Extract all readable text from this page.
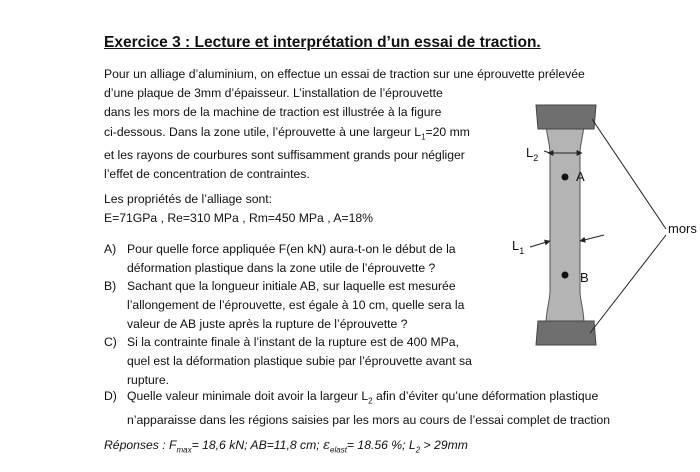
Exercice 3 : Lecture et interprétation d’un essai de traction.
Pour un alliage d’aluminium, on effectue un essai de traction sur une éprouvette prélevée
d’une plaque de 3mm d’épaisseur. L’installation de l’éprouvette
dans les mors de la machine de traction est illustrée à la figure
ci-dessous. Dans la zone utile, l’éprouvette à une largeur $L_1=20$ mm
et les rayons de courbures sont suffisamment grands pour négliger
l’effet de concentration de contraintes.
Les propriétés de l’alliage sont:
E=71GPa , Re=310 MPa , Rm=450 MPa , A=18%
A) Pour quelle force appliquée F(en kN) aura-t-on le début de la
déformation plastique dans la zone utile de l’éprouvette ?
B) Sachant que la longueur initiale AB, sur laquelle est mesurée
l’allongement de l’éprouvette, est égale à 10 cm, quelle sera la
valeur de AB juste après la rupture de l’éprouvette ?
C) Si la contrainte finale à l’instant de la rupture est de 400 MPa,
quel est la déformation plastique subie par l’éprouvette avant sa
rupture.
D) Quelle valeur minimale doit avoir la largeur $L_2$ afin d’éviter qu’une déformation plastique
n’apparaisse dans les régions saisies par les mors au cours de l’essai complet de traction
Réponses : $F_{max}= 18,6$ kN; AB=11,8 cm; $\varepsilon_{elast}= 18.56$ %; $L_2 > 29mm$
$L_2$
A
B
$L_1$
mors
